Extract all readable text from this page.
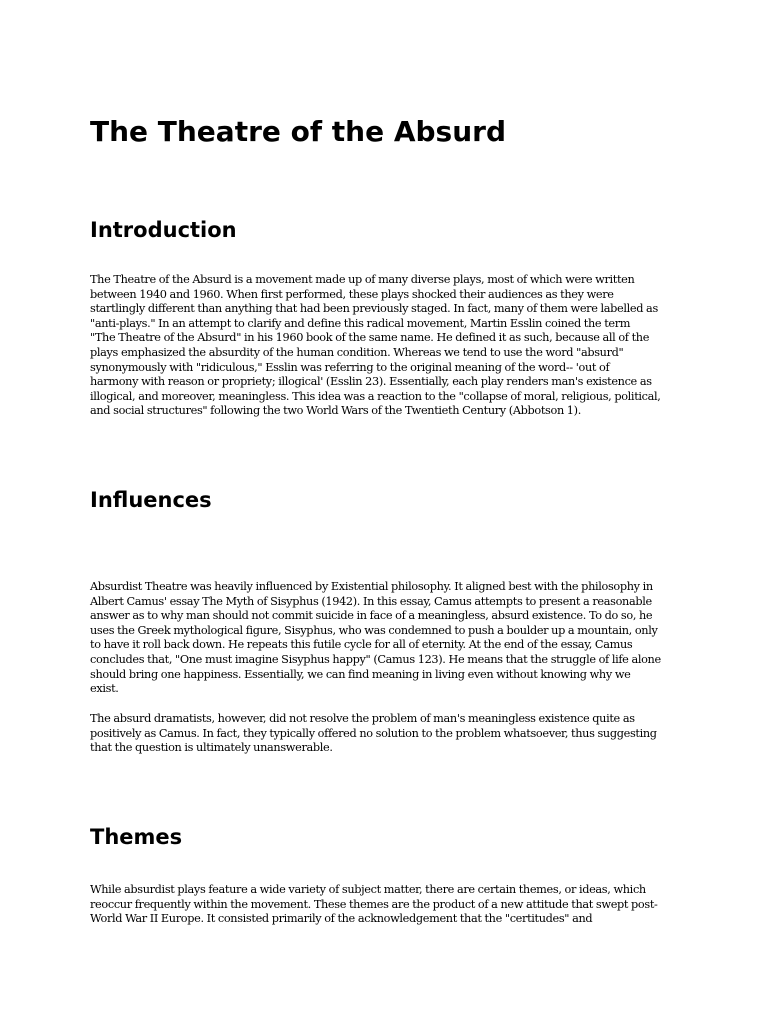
The Theatre of the Absurd
Introduction

The Theatre of the Absurd is a movement made up of many diverse plays, most of which were written
between 1940 and 1960. When first performed, these plays shocked their audiences as they were
startlingly different than anything that had been previously staged. In fact, many of them were labelled as
"anti-plays." In an attempt to clarify and define this radical movement, Martin Esslin coined the term
"The Theatre of the Absurd" in his 1960 book of the same name. He defined it as such, because all of the
plays emphasized the absurdity of the human condition. Whereas we tend to use the word "absurd"
synonymously with "ridiculous," Esslin was referring to the original meaning of the word-- 'out of
harmony with reason or propriety; illogical' (Esslin 23). Essentially, each play renders man's existence as
illogical, and moreover, meaningless. This idea was a reaction to the "collapse of moral, religious, political,
and social structures" following the two World Wars of the Twentieth Century (Abbotson 1).

Influences

Absurdist Theatre was heavily influenced by Existential philosophy. It aligned best with the philosophy in
Albert Camus' essay The Myth of Sisyphus (1942). In this essay, Camus attempts to present a reasonable
answer as to why man should not commit suicide in face of a meaningless, absurd existence. To do so, he
uses the Greek mythological figure, Sisyphus, who was condemned to push a boulder up a mountain, only
to have it roll back down. He repeats this futile cycle for all of eternity. At the end of the essay, Camus
concludes that, "One must imagine Sisyphus happy" (Camus 123). He means that the struggle of life alone
should bring one happiness. Essentially, we can find meaning in living even without knowing why we
exist.

The absurd dramatists, however, did not resolve the problem of man's meaningless existence quite as
positively as Camus. In fact, they typically offered no solution to the problem whatsoever, thus suggesting
that the question is ultimately unanswerable.

Themes

While absurdist plays feature a wide variety of subject matter, there are certain themes, or ideas, which
reoccur frequently within the movement. These themes are the product of a new attitude that swept post-
World War II Europe. It consisted primarily of the acknowledgement that the "certitudes" and
